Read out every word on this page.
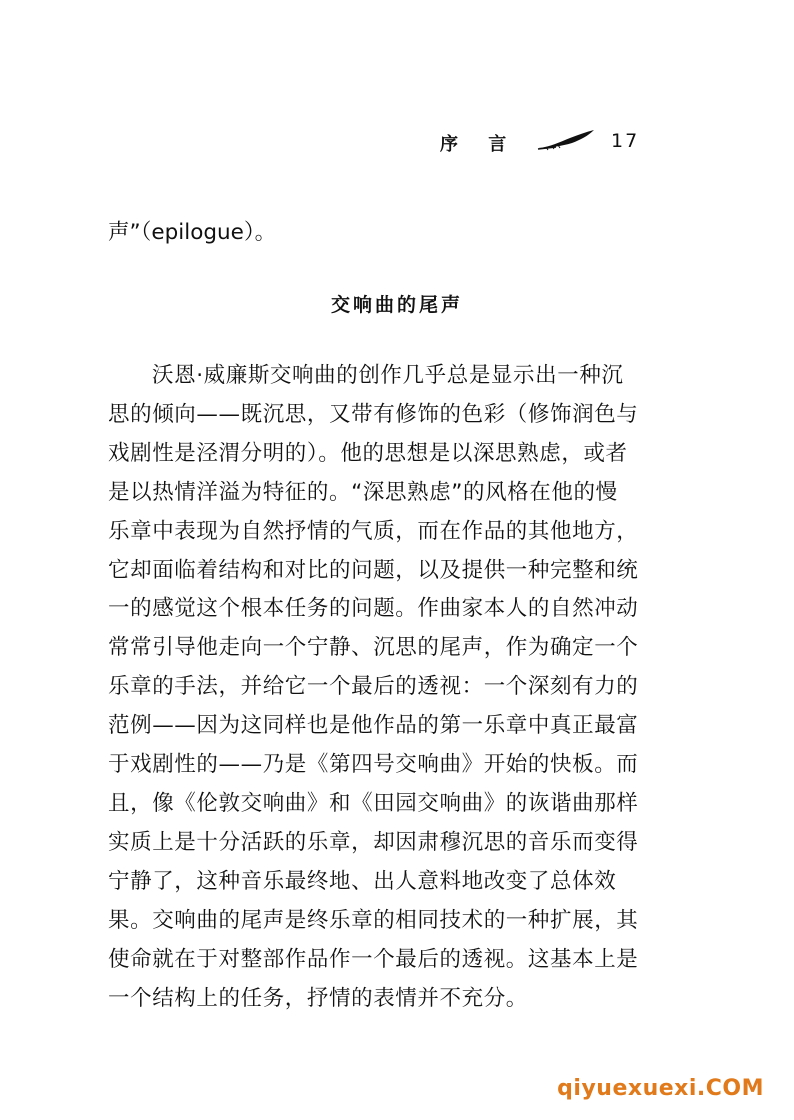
序 言	17
声”（epilogue）。
交响曲的尾声
沃恩·威廉斯交响曲的创作几乎总是显示出一种沉
思的倾向——既沉思，又带有修饰的色彩（修饰润色与
戏剧性是泾渭分明的）。他的思想是以深思熟虑，或者
是以热情洋溢为特征的。“深思熟虑”的风格在他的慢
乐章中表现为自然抒情的气质，而在作品的其他地方，
它却面临着结构和对比的问题，以及提供一种完整和统
一的感觉这个根本任务的问题。作曲家本人的自然冲动
常常引导他走向一个宁静、沉思的尾声，作为确定一个
乐章的手法，并给它一个最后的透视：一个深刻有力的
范例——因为这同样也是他作品的第一乐章中真正最富
于戏剧性的——乃是《第四号交响曲》开始的快板。而
且，像《伦敦交响曲》和《田园交响曲》的诙谐曲那样
实质上是十分活跃的乐章，却因肃穆沉思的音乐而变得
宁静了，这种音乐最终地、出人意料地改变了总体效
果。交响曲的尾声是终乐章的相同技术的一种扩展，其
使命就在于对整部作品作一个最后的透视。这基本上是
一个结构上的任务，抒情的表情并不充分。
qiyuexuexi.COM
